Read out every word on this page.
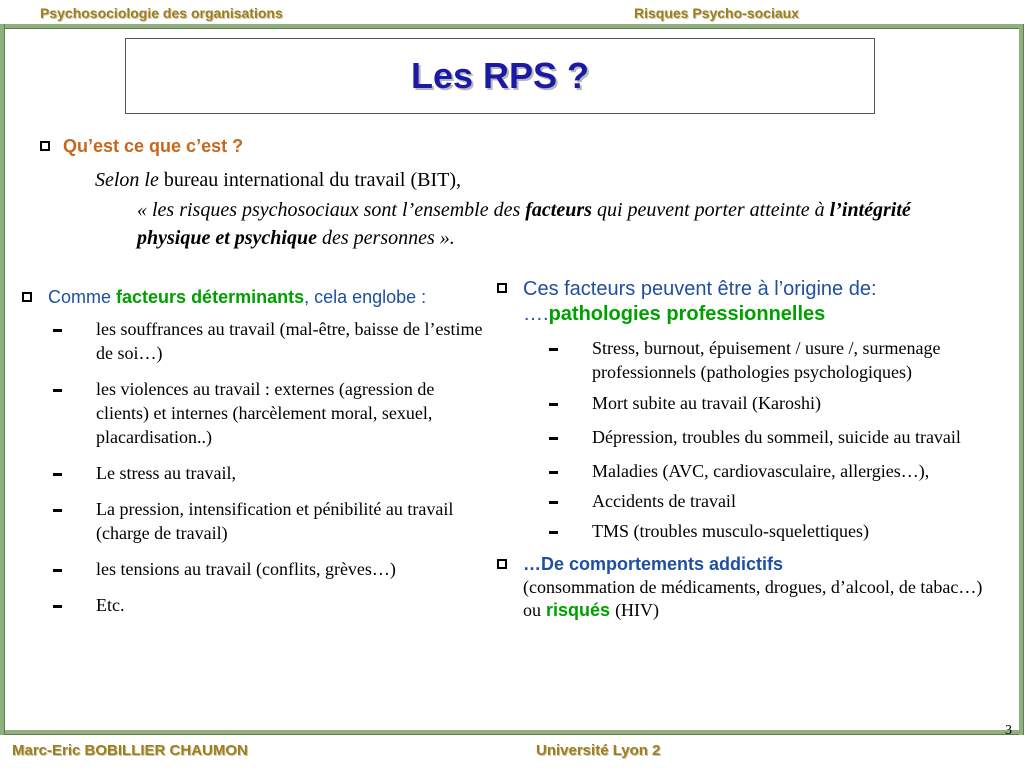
Psychosociologie des organisations	Risques Psycho-sociaux
Les RPS ?
Qu’est ce que c’est ?
Selon le bureau international du travail (BIT),
« les risques psychosociaux sont l’ensemble des facteurs qui peuvent porter atteinte à l’intégrité physique et psychique des personnes ».
Comme facteurs déterminants, cela englobe :
les souffrances au travail (mal-être, baisse de l’estime de soi…)
les violences au travail : externes (agression de clients) et internes (harcèlement moral, sexuel, placardisation..)
Le stress au travail,
La pression, intensification et pénibilité au travail (charge de travail)
les tensions au travail (conflits, grèves…)
Etc.
Ces facteurs peuvent être à l’origine de: ….pathologies professionnelles
Stress, burnout, épuisement / usure /, surmenage professionnels (pathologies psychologiques)
Mort subite au travail (Karoshi)
Dépression, troubles du sommeil, suicide au travail
Maladies (AVC, cardiovasculaire, allergies…),
Accidents de travail
TMS (troubles musculo-squelettiques)
…De comportements addictifs
(consommation de médicaments, drogues, d’alcool, de tabac…) ou risqués (HIV)
3
Marc-Eric BOBILLIER CHAUMON	Université Lyon 2
